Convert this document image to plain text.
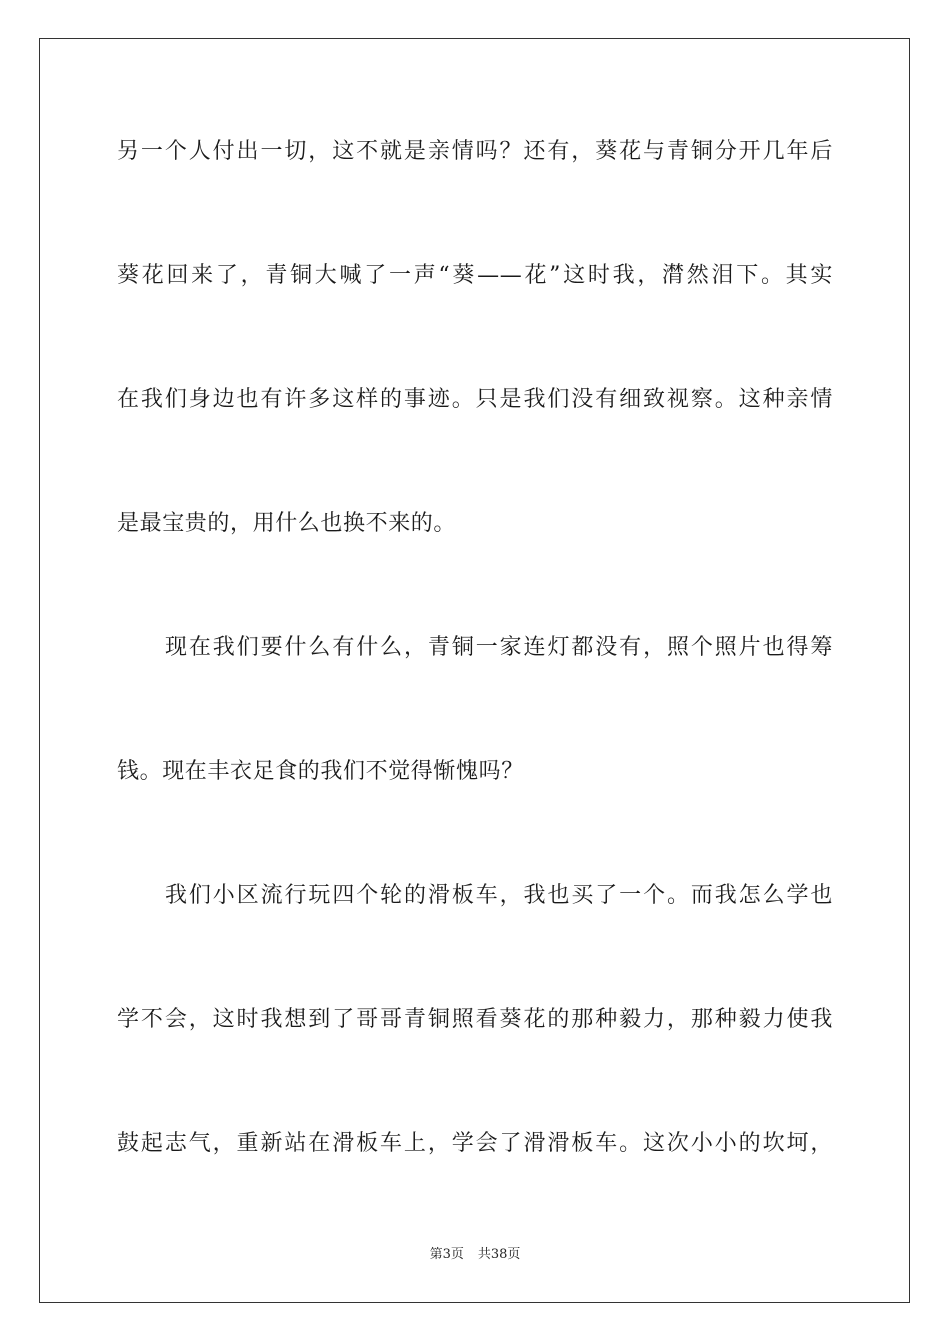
另一个人付出一切，这不就是亲情吗？还有，葵花与青铜分开几年后
葵花回来了，青铜大喊了一声“葵——花”这时我，潸然泪下。其实
在我们身边也有许多这样的事迹。只是我们没有细致视察。这种亲情
是最宝贵的，用什么也换不来的。
现在我们要什么有什么，青铜一家连灯都没有，照个照片也得筹
钱。现在丰衣足食的我们不觉得惭愧吗？
我们小区流行玩四个轮的滑板车，我也买了一个。而我怎么学也
学不会，这时我想到了哥哥青铜照看葵花的那种毅力，那种毅力使我
鼓起志气，重新站在滑板车上，学会了滑滑板车。这次小小的坎坷，
第3页 共38页
